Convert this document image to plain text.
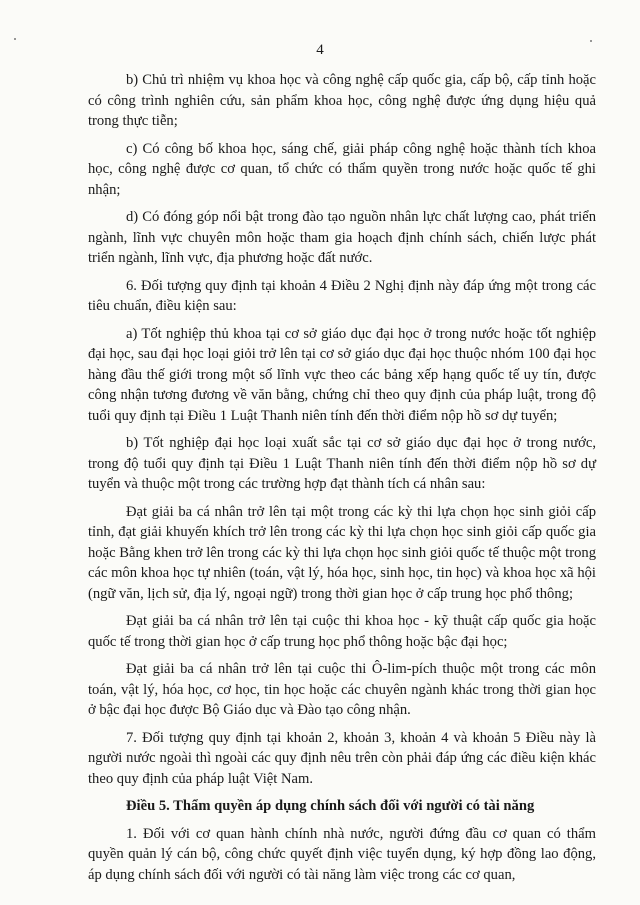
4

b) Chủ trì nhiệm vụ khoa học và công nghệ cấp quốc gia, cấp bộ, cấp tỉnh hoặc có công trình nghiên cứu, sản phẩm khoa học, công nghệ được ứng dụng hiệu quả trong thực tiễn;

c) Có công bố khoa học, sáng chế, giải pháp công nghệ hoặc thành tích khoa học, công nghệ được cơ quan, tổ chức có thẩm quyền trong nước hoặc quốc tế ghi nhận;

d) Có đóng góp nổi bật trong đào tạo nguồn nhân lực chất lượng cao, phát triển ngành, lĩnh vực chuyên môn hoặc tham gia hoạch định chính sách, chiến lược phát triển ngành, lĩnh vực, địa phương hoặc đất nước.

6. Đối tượng quy định tại khoản 4 Điều 2 Nghị định này đáp ứng một trong các tiêu chuẩn, điều kiện sau:

a) Tốt nghiệp thủ khoa tại cơ sở giáo dục đại học ở trong nước hoặc tốt nghiệp đại học, sau đại học loại giỏi trở lên tại cơ sở giáo dục đại học thuộc nhóm 100 đại học hàng đầu thế giới trong một số lĩnh vực theo các bảng xếp hạng quốc tế uy tín, được công nhận tương đương về văn bằng, chứng chỉ theo quy định của pháp luật, trong độ tuổi quy định tại Điều 1 Luật Thanh niên tính đến thời điểm nộp hồ sơ dự tuyển;

b) Tốt nghiệp đại học loại xuất sắc tại cơ sở giáo dục đại học ở trong nước, trong độ tuổi quy định tại Điều 1 Luật Thanh niên tính đến thời điểm nộp hồ sơ dự tuyển và thuộc một trong các trường hợp đạt thành tích cá nhân sau:

Đạt giải ba cá nhân trở lên tại một trong các kỳ thi lựa chọn học sinh giỏi cấp tỉnh, đạt giải khuyến khích trở lên trong các kỳ thi lựa chọn học sinh giỏi cấp quốc gia hoặc Bằng khen trở lên trong các kỳ thi lựa chọn học sinh giỏi quốc tế thuộc một trong các môn khoa học tự nhiên (toán, vật lý, hóa học, sinh học, tin học) và khoa học xã hội (ngữ văn, lịch sử, địa lý, ngoại ngữ) trong thời gian học ở cấp trung học phổ thông;

Đạt giải ba cá nhân trở lên tại cuộc thi khoa học - kỹ thuật cấp quốc gia hoặc quốc tế trong thời gian học ở cấp trung học phổ thông hoặc bậc đại học;

Đạt giải ba cá nhân trở lên tại cuộc thi Ô-lim-pích thuộc một trong các môn toán, vật lý, hóa học, cơ học, tin học hoặc các chuyên ngành khác trong thời gian học ở bậc đại học được Bộ Giáo dục và Đào tạo công nhận.

7. Đối tượng quy định tại khoản 2, khoản 3, khoản 4 và khoản 5 Điều này là người nước ngoài thì ngoài các quy định nêu trên còn phải đáp ứng các điều kiện khác theo quy định của pháp luật Việt Nam.

Điều 5. Thẩm quyền áp dụng chính sách đối với người có tài năng

1. Đối với cơ quan hành chính nhà nước, người đứng đầu cơ quan có thẩm quyền quản lý cán bộ, công chức quyết định việc tuyển dụng, ký hợp đồng lao động, áp dụng chính sách đối với người có tài năng làm việc trong các cơ quan,
